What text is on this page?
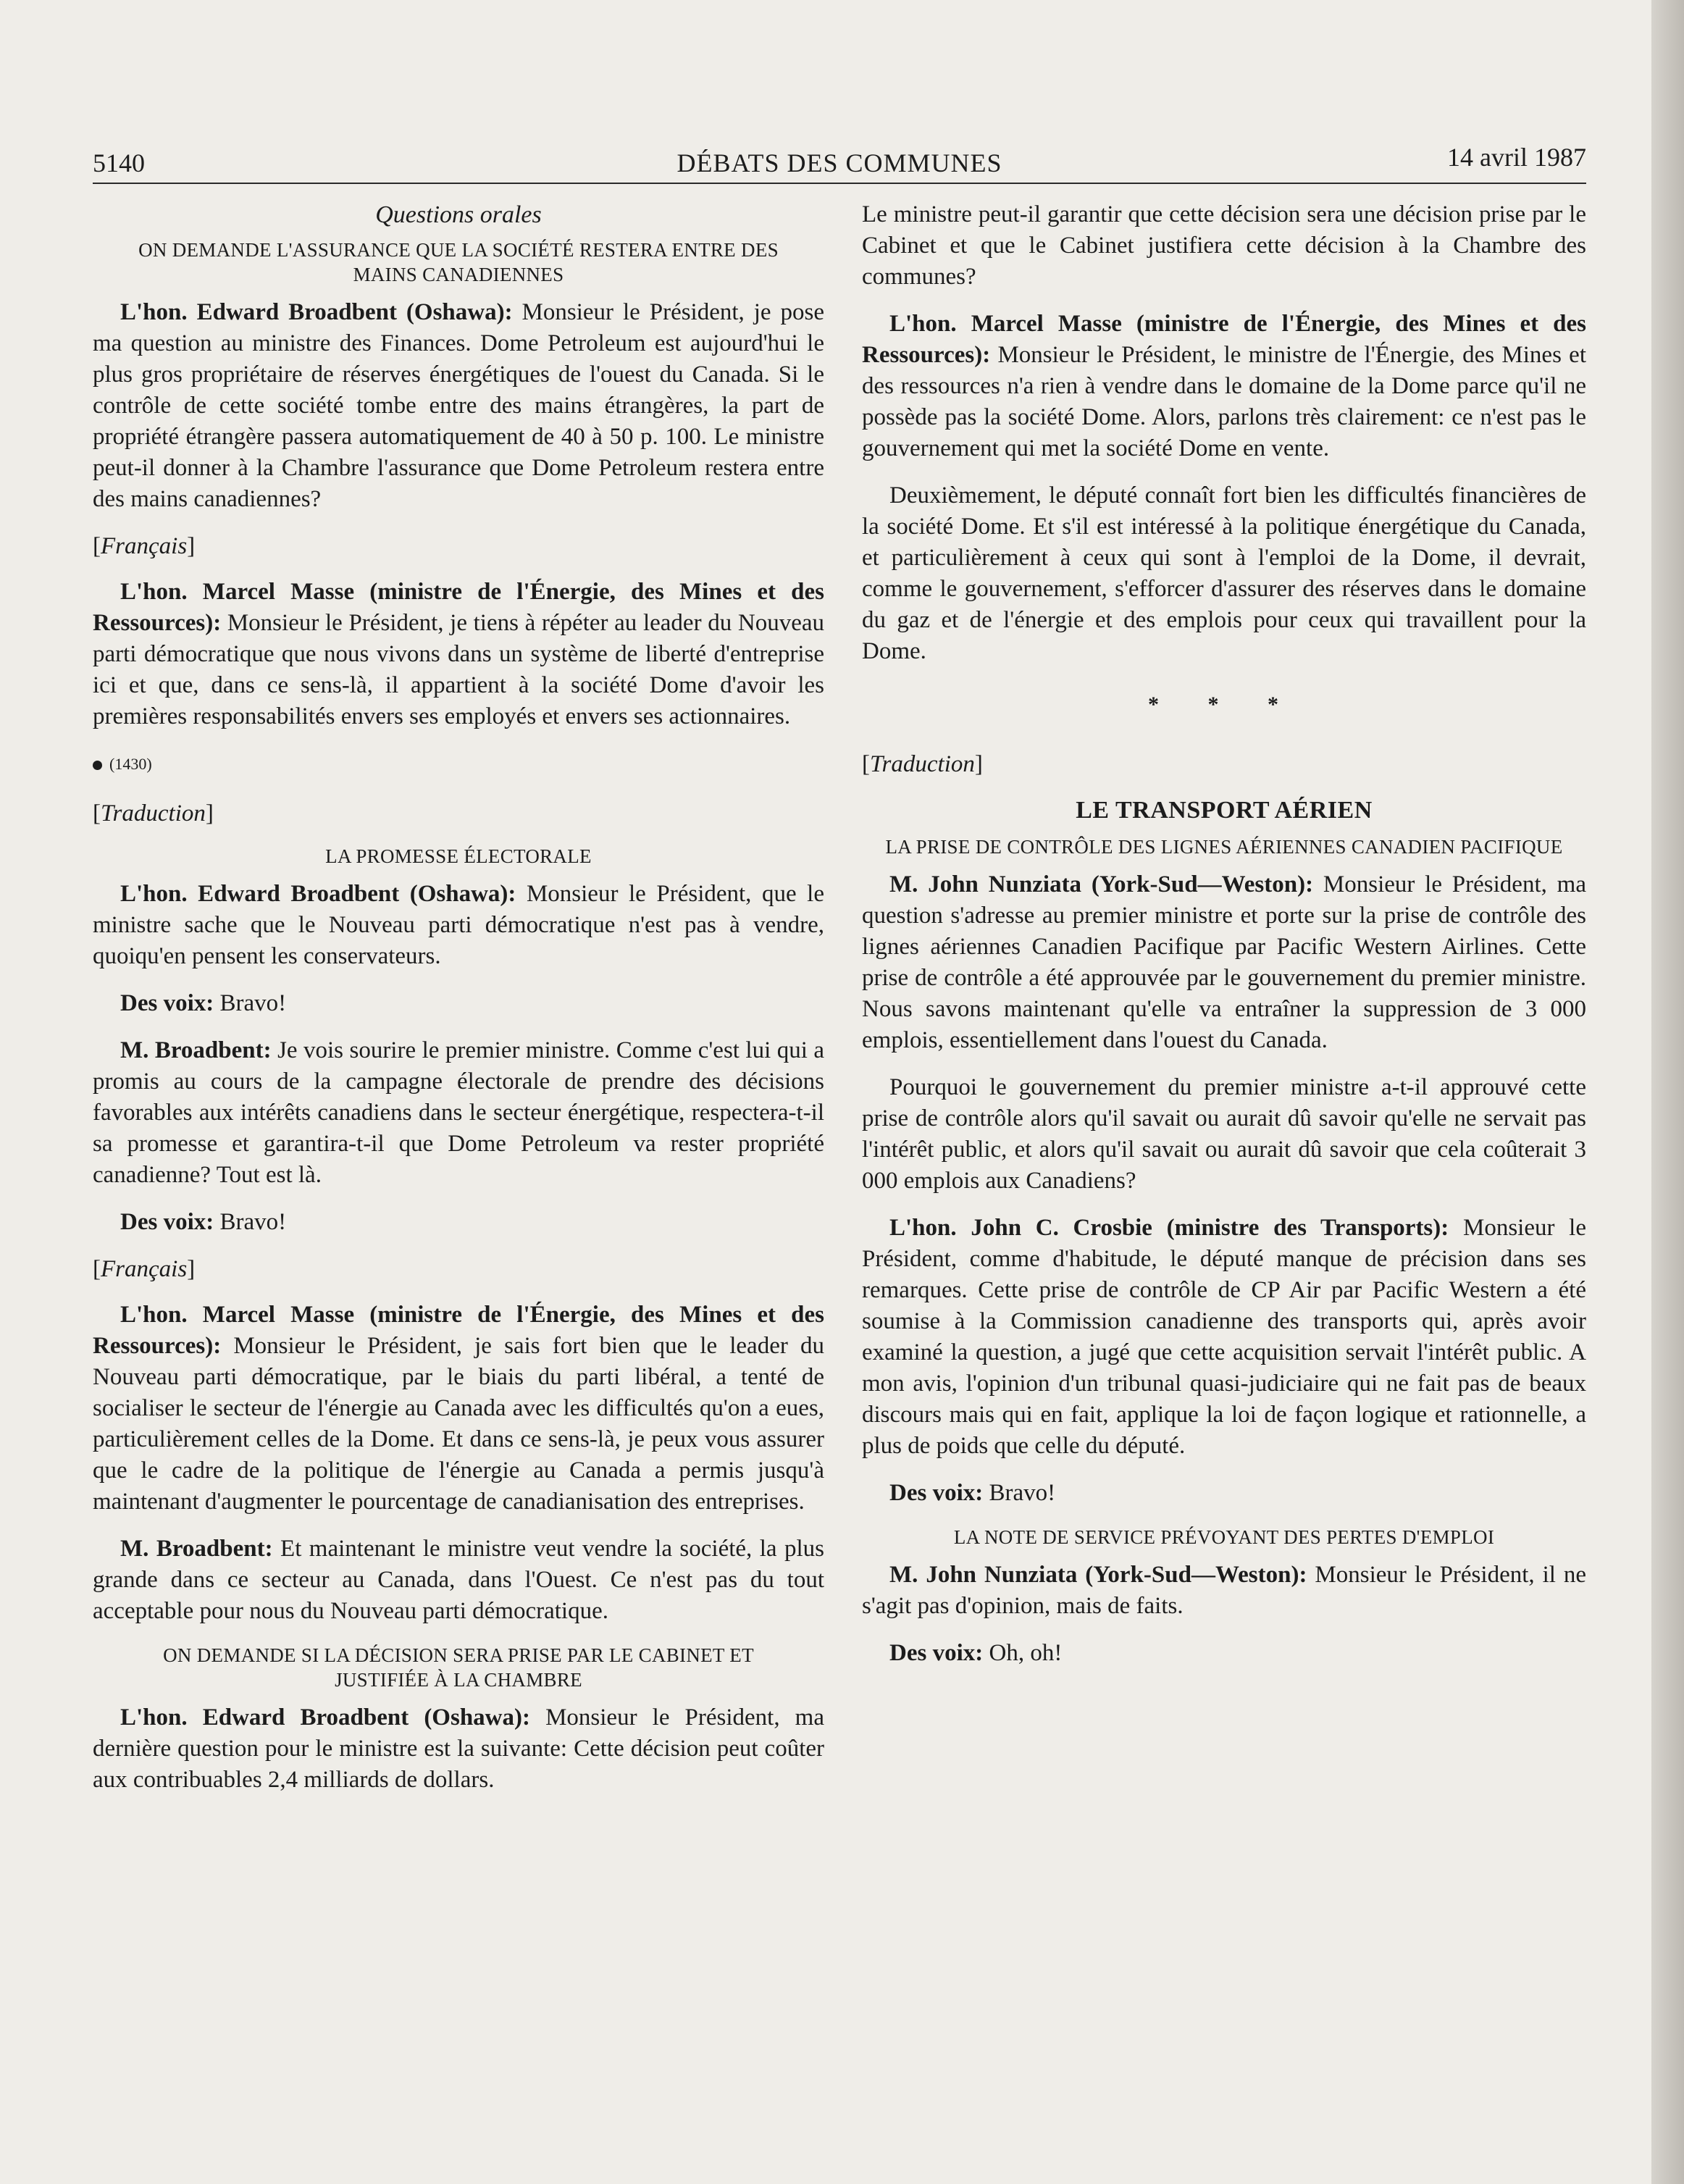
5140	DÉBATS DES COMMUNES	14 avril 1987
Questions orales
ON DEMANDE L'ASSURANCE QUE LA SOCIÉTÉ RESTERA ENTRE DES MAINS CANADIENNES

L'hon. Edward Broadbent (Oshawa): Monsieur le Président, je pose ma question au ministre des Finances. Dome Petroleum est aujourd'hui le plus gros propriétaire de réserves énergétiques de l'ouest du Canada. Si le contrôle de cette société tombe entre des mains étrangères, la part de propriété étrangère passera automatiquement de 40 à 50 p. 100. Le ministre peut-il donner à la Chambre l'assurance que Dome Petroleum restera entre des mains canadiennes?

[Français]

L'hon. Marcel Masse (ministre de l'Énergie, des Mines et des Ressources): Monsieur le Président, je tiens à répéter au leader du Nouveau parti démocratique que nous vivons dans un système de liberté d'entreprise ici et que, dans ce sens-là, il appartient à la société Dome d'avoir les premières responsabilités envers ses employés et envers ses actionnaires.

(1430)
[Traduction]
LA PROMESSE ÉLECTORALE

L'hon. Edward Broadbent (Oshawa): Monsieur le Président, que le ministre sache que le Nouveau parti démocratique n'est pas à vendre, quoiqu'en pensent les conservateurs.

Des voix: Bravo!

M. Broadbent: Je vois sourire le premier ministre. Comme c'est lui qui a promis au cours de la campagne électorale de prendre des décisions favorables aux intérêts canadiens dans le secteur énergétique, respectera-t-il sa promesse et garantira-t-il que Dome Petroleum va rester propriété canadienne? Tout est là.

Des voix: Bravo!

[Français]

L'hon. Marcel Masse (ministre de l'Énergie, des Mines et des Ressources): Monsieur le Président, je sais fort bien que le leader du Nouveau parti démocratique, par le biais du parti libéral, a tenté de socialiser le secteur de l'énergie au Canada avec les difficultés qu'on a eues, particulièrement celles de la Dome. Et dans ce sens-là, je peux vous assurer que le cadre de la politique de l'énergie au Canada a permis jusqu'à maintenant d'augmenter le pourcentage de canadianisation des entreprises.

M. Broadbent: Et maintenant le ministre veut vendre la société, la plus grande dans ce secteur au Canada, dans l'Ouest. Ce n'est pas du tout acceptable pour nous du Nouveau parti démocratique.

ON DEMANDE SI LA DÉCISION SERA PRISE PAR LE CABINET ET JUSTIFIÉE À LA CHAMBRE

L'hon. Edward Broadbent (Oshawa): Monsieur le Président, ma dernière question pour le ministre est la suivante: Cette décision peut coûter aux contribuables 2,4 milliards de dollars.

Le ministre peut-il garantir que cette décision sera une décision prise par le Cabinet et que le Cabinet justifiera cette décision à la Chambre des communes?

L'hon. Marcel Masse (ministre de l'Énergie, des Mines et des Ressources): Monsieur le Président, le ministre de l'Énergie, des Mines et des ressources n'a rien à vendre dans le domaine de la Dome parce qu'il ne possède pas la société Dome. Alors, parlons très clairement: ce n'est pas le gouvernement qui met la société Dome en vente.

Deuxièmement, le député connaît fort bien les difficultés financières de la société Dome. Et s'il est intéressé à la politique énergétique du Canada, et particulièrement à ceux qui sont à l'emploi de la Dome, il devrait, comme le gouvernement, s'efforcer d'assurer des réserves dans le domaine du gaz et de l'énergie et des emplois pour ceux qui travaillent pour la Dome.

* * *
[Traduction]
LE TRANSPORT AÉRIEN
LA PRISE DE CONTRÔLE DES LIGNES AÉRIENNES CANADIEN PACIFIQUE

M. John Nunziata (York-Sud—Weston): Monsieur le Président, ma question s'adresse au premier ministre et porte sur la prise de contrôle des lignes aériennes Canadien Pacifique par Pacific Western Airlines. Cette prise de contrôle a été approuvée par le gouvernement du premier ministre. Nous savons maintenant qu'elle va entraîner la suppression de 3 000 emplois, essentiellement dans l'ouest du Canada.

Pourquoi le gouvernement du premier ministre a-t-il approuvé cette prise de contrôle alors qu'il savait ou aurait dû savoir qu'elle ne servait pas l'intérêt public, et alors qu'il savait ou aurait dû savoir que cela coûterait 3 000 emplois aux Canadiens?

L'hon. John C. Crosbie (ministre des Transports): Monsieur le Président, comme d'habitude, le député manque de précision dans ses remarques. Cette prise de contrôle de CP Air par Pacific Western a été soumise à la Commission canadienne des transports qui, après avoir examiné la question, a jugé que cette acquisition servait l'intérêt public. A mon avis, l'opinion d'un tribunal quasi-judiciaire qui ne fait pas de beaux discours mais qui en fait, applique la loi de façon logique et rationnelle, a plus de poids que celle du député.

Des voix: Bravo!

LA NOTE DE SERVICE PRÉVOYANT DES PERTES D'EMPLOI

M. John Nunziata (York-Sud—Weston): Monsieur le Président, il ne s'agit pas d'opinion, mais de faits.

Des voix: Oh, oh!
